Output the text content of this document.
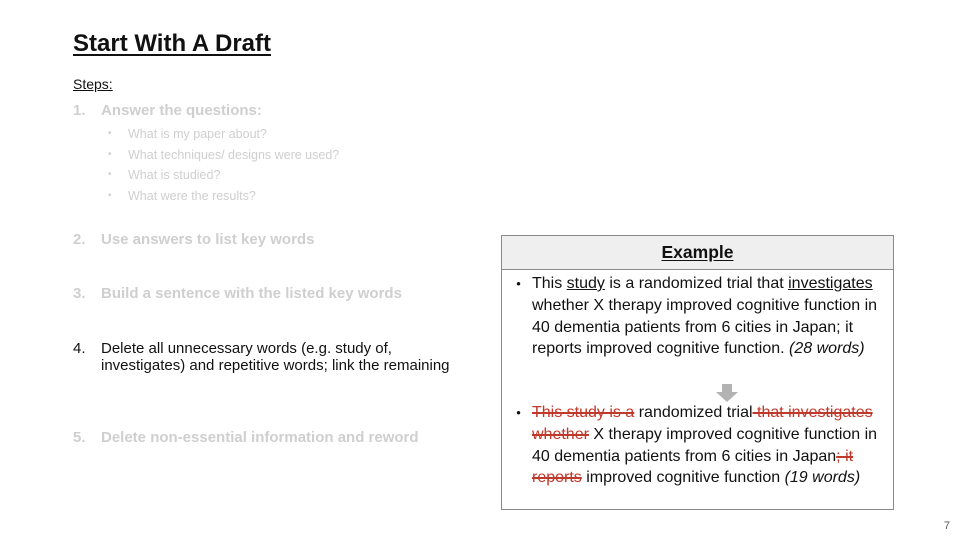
Start With A Draft
Steps:
1. Answer the questions:
• What is my paper about?
• What techniques/ designs were used?
• What is studied?
• What were the results?
2. Use answers to list key words
3. Build a sentence with the listed key words
4.	Delete all unnecessary words (e.g. study of, investigates) and repetitive words; link the remaining
5. Delete non-essential information and reword
Example
• This study is a randomized trial that investigates whether X therapy improved cognitive function in 40 dementia patients from 6 cities in Japan; it reports improved cognitive function. (28 words)
• This study is a randomized trial that investigates whether X therapy improved cognitive function in 40 dementia patients from 6 cities in Japan; it reports improved cognitive function (19 words)
7
